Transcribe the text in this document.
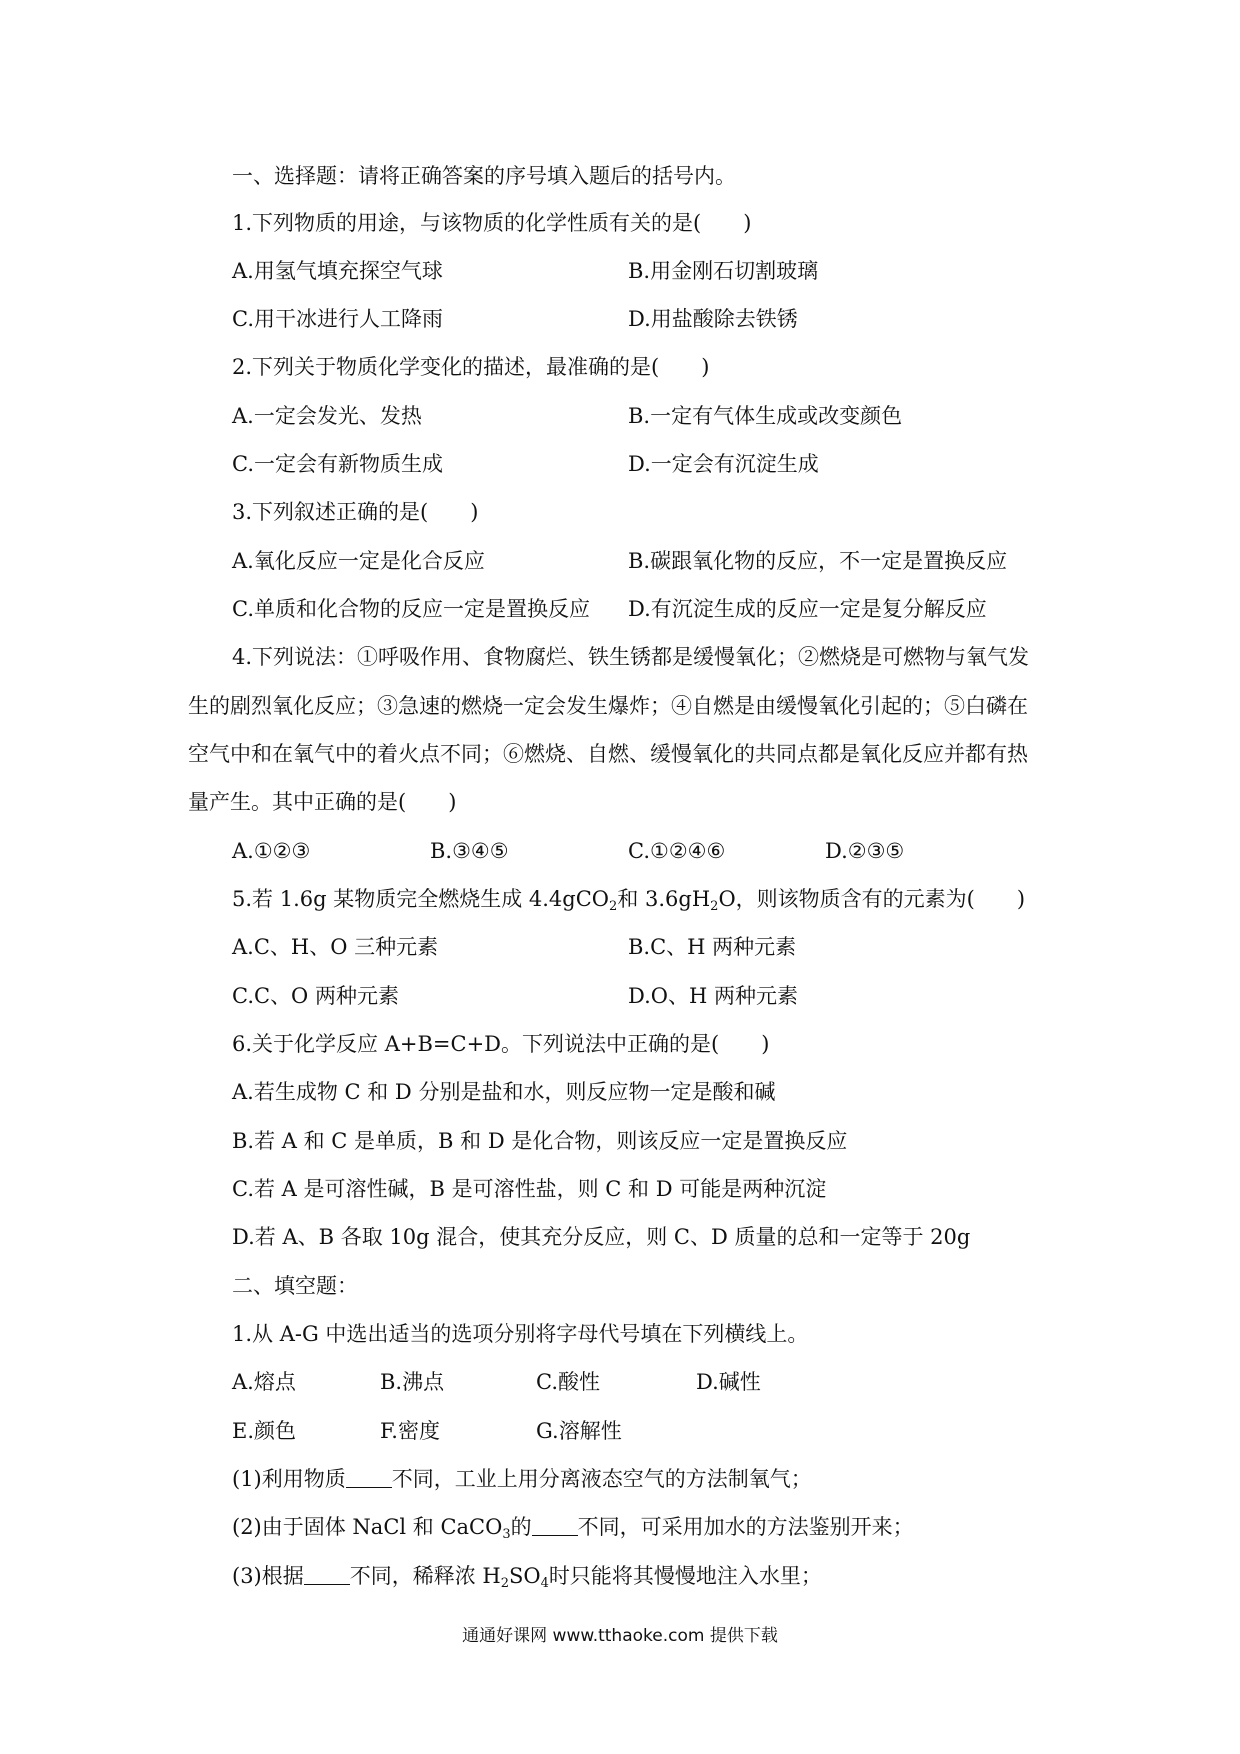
一、选择题：请将正确答案的序号填入题后的括号内。
1.下列物质的用途，与该物质的化学性质有关的是(　　)
A.用氢气填充探空气球	B.用金刚石切割玻璃
C.用干冰进行人工降雨	D.用盐酸除去铁锈
2.下列关于物质化学变化的描述，最准确的是(　　)
A.一定会发光、发热	B.一定有气体生成或改变颜色
C.一定会有新物质生成	D.一定会有沉淀生成
3.下列叙述正确的是(　　)
A.氧化反应一定是化合反应	B.碳跟氧化物的反应，不一定是置换反应
C.单质和化合物的反应一定是置换反应 D.有沉淀生成的反应一定是复分解反应
4.下列说法：①呼吸作用、食物腐烂、铁生锈都是缓慢氧化；②燃烧是可燃物与氧气发
生的剧烈氧化反应；③急速的燃烧一定会发生爆炸；④自燃是由缓慢氧化引起的；⑤白磷在
空气中和在氧气中的着火点不同；⑥燃烧、自燃、缓慢氧化的共同点都是氧化反应并都有热
量产生。其中正确的是(　　)
A.①②③	B.③④⑤	C.①②④⑥	D.②③⑤
5.若 1.6g 某物质完全燃烧生成 4.4gCO$_2$和 $3.6gH_2O$，则该物质含有的元素为(　　)
A.C、H、O 三种元素	B.C、H 两种元素
C.C、O 两种元素	D.O、H 两种元素
6.关于化学反应 A+B=C+D。下列说法中正确的是(　　)
A.若生成物 C 和 D 分别是盐和水，则反应物一定是酸和碱
B.若 A 和 C 是单质，B 和 D 是化合物，则该反应一定是置换反应
C.若 A 是可溶性碱，B 是可溶性盐，则 C 和 D 可能是两种沉淀
D.若 A、B 各取 10g 混合，使其充分反应，则 C、D 质量的总和一定等于 20g
二、填空题：
1.从 A-G 中选出适当的选项分别将字母代号填在下列横线上。
A.熔点	B.沸点	C.酸性	D.碱性
E.颜色	F.密度	G.溶解性
(1)利用物质 不同，工业上用分离液态空气的方法制氧气；
(2)由于固体 NaCl 和 CaCO$_3$的 不同，可采用加水的方法鉴别开来；
(3)根据 不同，稀释浓 $H_2SO_4$时只能将其慢慢地注入水里；
通通好课网 www.tthaoke.com 提供下载
